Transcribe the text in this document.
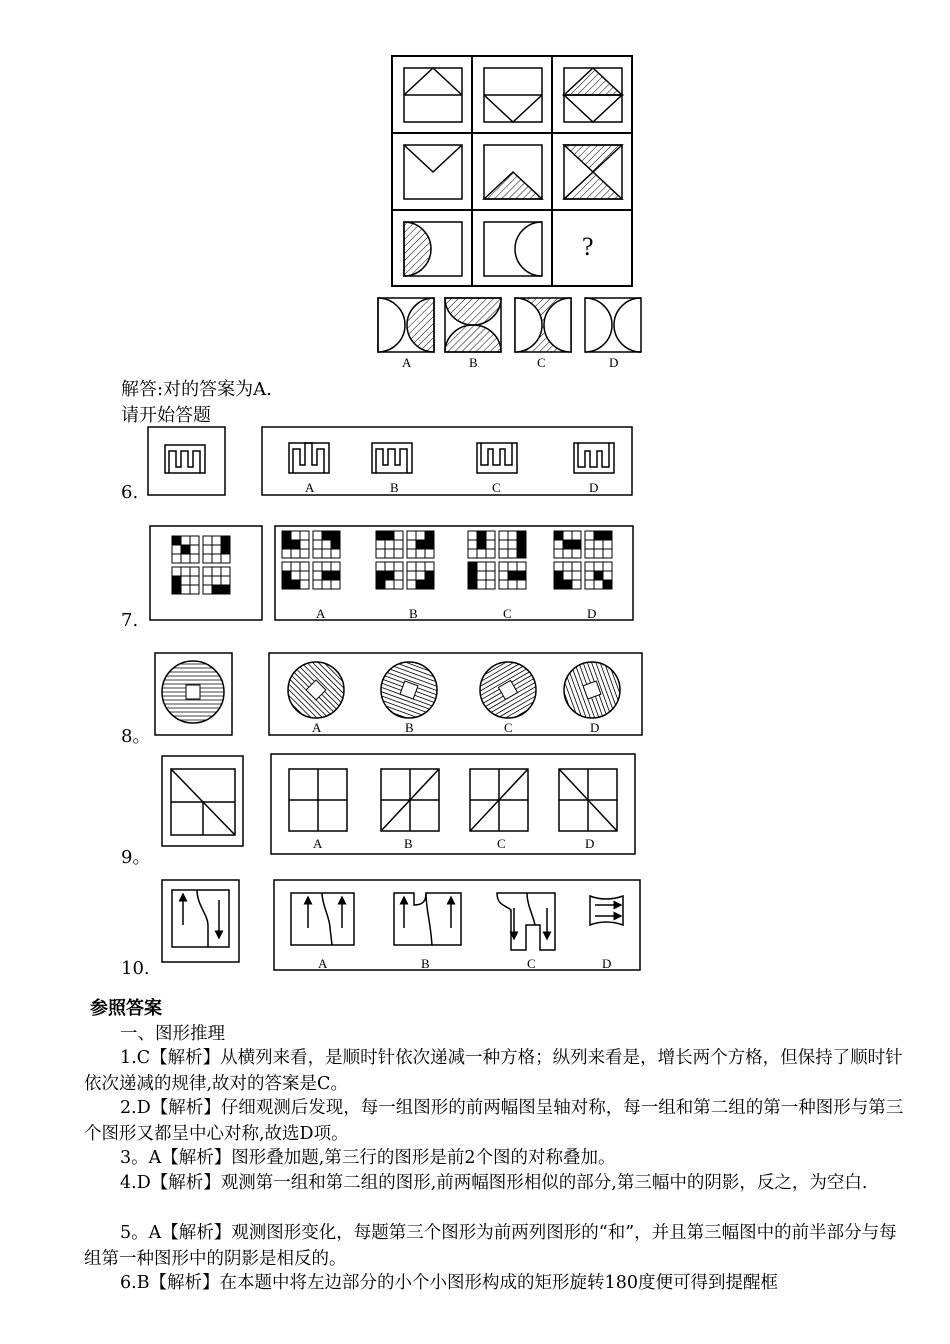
?
A	B	C	D
解答:对的答案为A.
请开始答题
6.	A	B	C	D
7.	A	B	C	D
8。	A	B	C	D
9。
A	B	C	D
10.	A	B	C	D
参照答案
一、图形推理
1.C【解析】从横列来看，是顺时针依次递减一种方格；纵列来看是，增长两个方格，但保持了顺时针依次递减的规律,故对的答案是C。
2.D【解析】仔细观测后发现，每一组图形的前两幅图呈轴对称，每一组和第二组的第一种图形与第三个图形又都呈中心对称,故选D项。
3。A【解析】图形叠加题,第三行的图形是前2个图的对称叠加。
4.D【解析】观测第一组和第二组的图形,前两幅图形相似的部分,第三幅中的阴影，反之，为空白.
5。A【解析】观测图形变化，每题第三个图形为前两列图形的“和”，并且第三幅图中的前半部分与每组第一种图形中的阴影是相反的。
6.B【解析】在本题中将左边部分的小个小图形构成的矩形旋转180度便可得到提醒框
